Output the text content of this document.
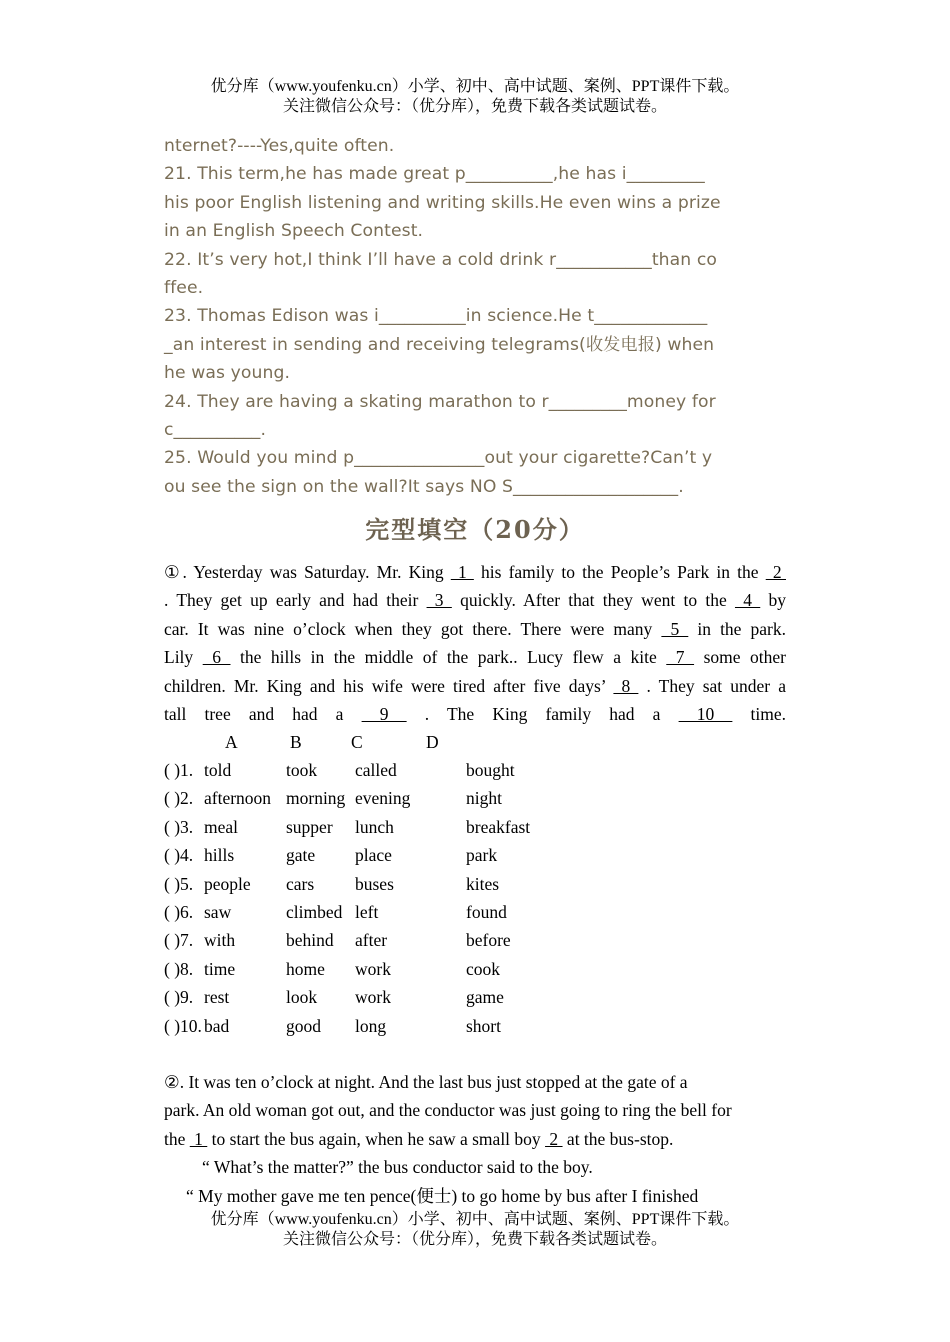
优分库（www.youfenku.cn）小学、初中、高中试题、案例、PPT课件下载。
关注微信公众号：（优分库），免费下载各类试题试卷。
nternet?----Yes,quite often.
21. This term,he has made great p__________,he has i_________
his poor English listening and writing skills.He even wins a prize
in an English Speech Contest.
22. It’s very hot,I think I’ll have a cold drink r___________than co
ffee.
23. Thomas Edison was i__________in science.He t_____________
_an interest in sending and receiving telegrams(收发电报) when
he was young.
24. They are having a skating marathon to r_________money for
c__________.
25. Would you mind p_______________out your cigarette?Can’t y
ou see the sign on the wall?It says NO S___________________.
完型填空（20分）
①. Yesterday was Saturday. Mr. King  1  his family to the People’s Park in the  2
. They get up early and had their  3  quickly. After that they went to the  4  by
car. It was nine o’clock when they got there. There were many  5  in the park.
Lily  6  the hills in the middle of the park.. Lucy flew a kite  7  some other
children. Mr. King and his wife were tired after five days’  8  . They sat under a
tall tree and had a  9  . The King family had a  10  time.
A	B	C	D
( )1. told	took called	bought
( )2. afternoon morning evening	night
( )3. meal	supper lunch	breakfast
( )4. hills	gate place	park
( )5. people cars buses	kites
( )6. saw	climbed left	found
( )7. with	behind after	before
( )8. time	home work	cook
( )9. rest	look work	game
( )10. bad	good long	short
②. It was ten o’clock at night. And the last bus just stopped at the gate of a
park. An old woman got out, and the conductor was just going to ring the bell for
the  1  to start the bus again, when he saw a small boy  2  at the bus-stop.
“ What’s the matter?” the bus conductor said to the boy.
“ My mother gave me ten pence(便士) to go home by bus after I finished
优分库（www.youfenku.cn）小学、初中、高中试题、案例、PPT课件下载。
关注微信公众号：（优分库），免费下载各类试题试卷。
